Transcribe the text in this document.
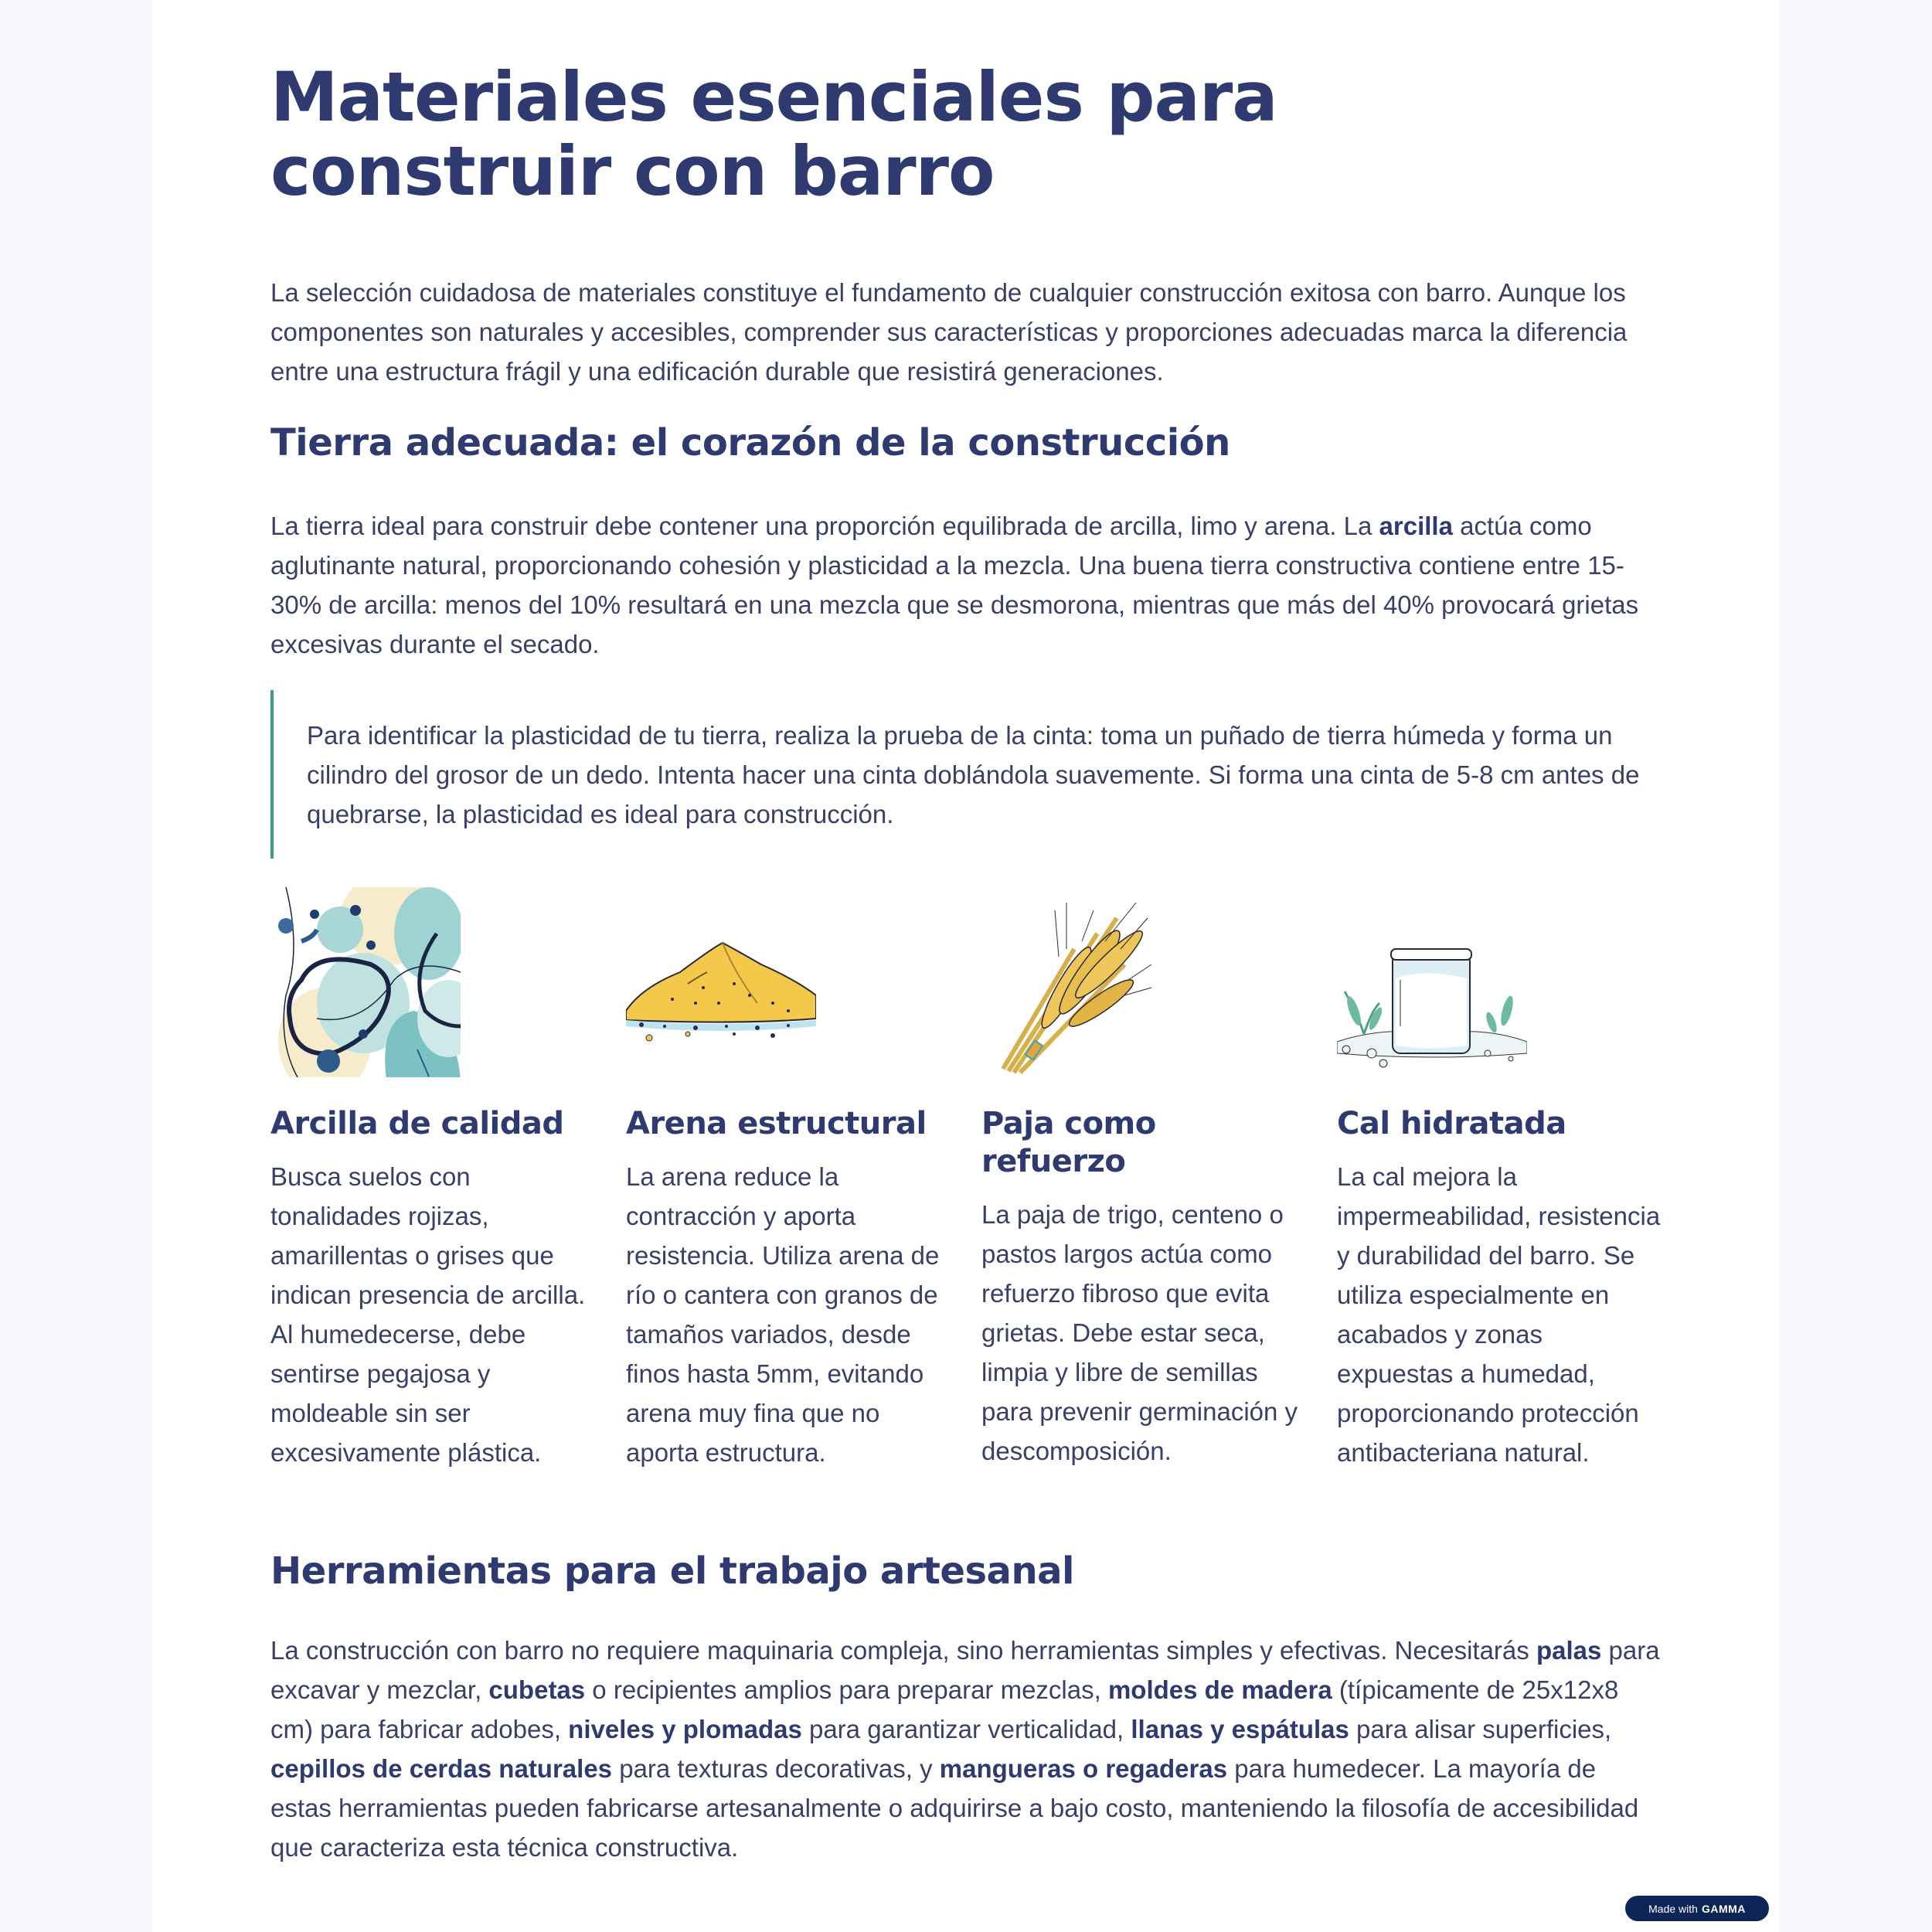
Materiales esenciales para construir con barro

La selección cuidadosa de materiales constituye el fundamento de cualquier construcción exitosa con barro. Aunque los componentes son naturales y accesibles, comprender sus características y proporciones adecuadas marca la diferencia entre una estructura frágil y una edificación durable que resistirá generaciones.

Tierra adecuada: el corazón de la construcción

La tierra ideal para construir debe contener una proporción equilibrada de arcilla, limo y arena. La arcilla actúa como aglutinante natural, proporcionando cohesión y plasticidad a la mezcla. Una buena tierra constructiva contiene entre 15-30% de arcilla: menos del 10% resultará en una mezcla que se desmorona, mientras que más del 40% provocará grietas excesivas durante el secado.

Para identificar la plasticidad de tu tierra, realiza la prueba de la cinta: toma un puñado de tierra húmeda y forma un cilindro del grosor de un dedo. Intenta hacer una cinta doblándola suavemente. Si forma una cinta de 5-8 cm antes de quebrarse, la plasticidad es ideal para construcción.
Arcilla de calidad
Busca suelos con tonalidades rojizas, amarillentas o grises que indican presencia de arcilla. Al humedecerse, debe sentirse pegajosa y moldeable sin ser excesivamente plástica.
Arena estructural
La arena reduce la contracción y aporta resistencia. Utiliza arena de río o cantera con granos de tamaños variados, desde finos hasta 5mm, evitando arena muy fina que no aporta estructura.
Paja como refuerzo
La paja de trigo, centeno o pastos largos actúa como refuerzo fibroso que evita grietas. Debe estar seca, limpia y libre de semillas para prevenir germinación y descomposición.
Cal hidratada
La cal mejora la impermeabilidad, resistencia y durabilidad del barro. Se utiliza especialmente en acabados y zonas expuestas a humedad, proporcionando protección antibacteriana natural.
Herramientas para el trabajo artesanal

La construcción con barro no requiere maquinaria compleja, sino herramientas simples y efectivas. Necesitarás palas para excavar y mezclar, cubetas o recipientes amplios para preparar mezclas, moldes de madera (típicamente de 25x12x8 cm) para fabricar adobes, niveles y plomadas para garantizar verticalidad, llanas y espátulas para alisar superficies, cepillos de cerdas naturales para texturas decorativas, y mangueras o regaderas para humedecer. La mayoría de estas herramientas pueden fabricarse artesanalmente o adquirirse a bajo costo, manteniendo la filosofía de accesibilidad que caracteriza esta técnica constructiva.

Made with GAMMA
